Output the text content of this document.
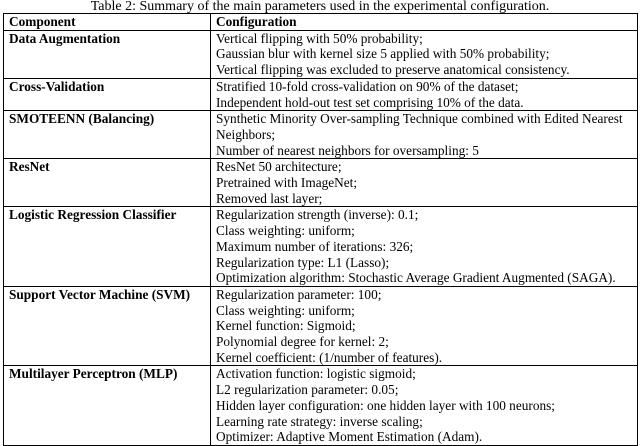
Table 2: Summary of the main parameters used in the experimental configuration.
Component	Configuration
Data Augmentation	Vertical flipping with 50% probability;
Gaussian blur with kernel size 5 applied with 50% probability;
Vertical flipping was excluded to preserve anatomical consistency.

Cross-Validation	Stratified 10-fold cross-validation on 90% of the dataset;
Independent hold-out test set comprising 10% of the data.

SMOTEENN (Balancing)	Synthetic Minority Over-sampling Technique combined with Edited Nearest Neighbors;
Number of nearest neighbors for oversampling: 5

ResNet	ResNet 50 architecture;
Pretrained with ImageNet;
Removed last layer;

Logistic Regression Classifier	Regularization strength (inverse): 0.1;
Class weighting: uniform;
Maximum number of iterations: 326;
Regularization type: L1 (Lasso);
Optimization algorithm: Stochastic Average Gradient Augmented (SAGA).

Support Vector Machine (SVM)	Regularization parameter: 100;
Class weighting: uniform;
Kernel function: Sigmoid;
Polynomial degree for kernel: 2;
Kernel coefficient: (1/number of features).

Multilayer Perceptron (MLP)	Activation function: logistic sigmoid;
L2 regularization parameter: 0.05;
Hidden layer configuration: one hidden layer with 100 neurons;
Learning rate strategy: inverse scaling;
Optimizer: Adaptive Moment Estimation (Adam).
